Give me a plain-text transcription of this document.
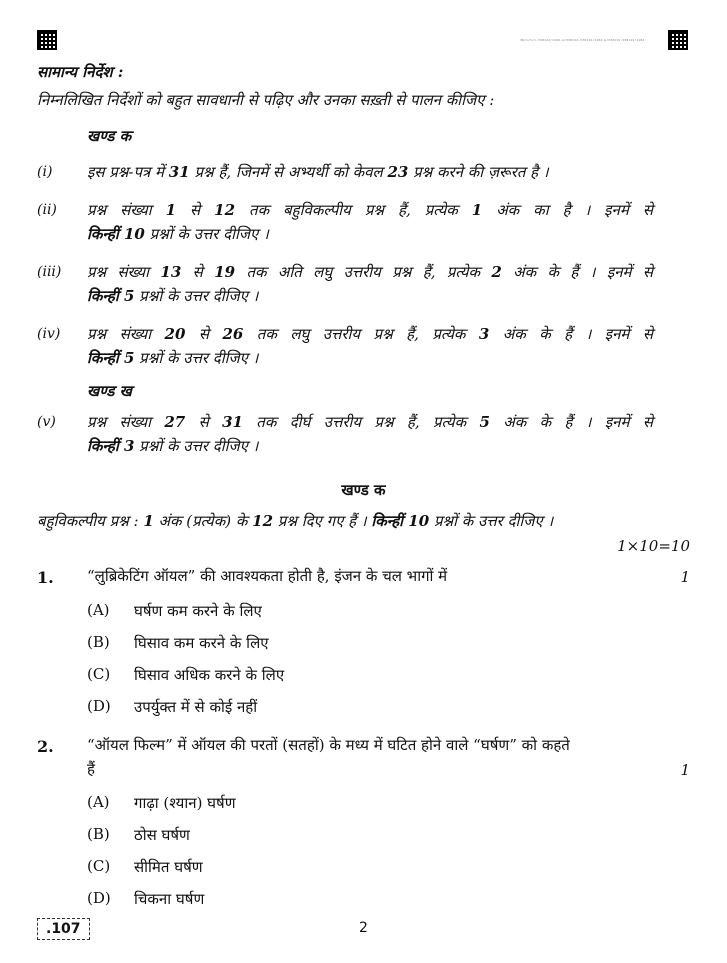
30/1/1/1-V30112/1104-A/V30112-V30112/1104-A/V30112-V30112/1104
सामान्य निर्देश :
निम्नलिखित निर्देशों को बहुत सावधानी से पढ़िए और उनका सख़्ती से पालन कीजिए :
खण्ड क
(i) इस प्रश्न-पत्र में 31 प्रश्न हैं, जिनमें से अभ्यर्थी को केवल 23 प्रश्न करने की ज़रूरत है ।
(ii) प्रश्न संख्या 1 से 12 तक बहुविकल्पीय प्रश्न हैं, प्रत्येक 1 अंक का है । इनमें से
किन्हीं 10 प्रश्नों के उत्तर दीजिए ।
(iii) प्रश्न संख्या 13 से 19 तक अति लघु उत्तरीय प्रश्न हैं, प्रत्येक 2 अंक के हैं । इनमें से
किन्हीं 5 प्रश्नों के उत्तर दीजिए ।
(iv) प्रश्न संख्या 20 से 26 तक लघु उत्तरीय प्रश्न हैं, प्रत्येक 3 अंक के हैं । इनमें से
किन्हीं 5 प्रश्नों के उत्तर दीजिए ।
खण्ड ख
(v) प्रश्न संख्या 27 से 31 तक दीर्घ उत्तरीय प्रश्न हैं, प्रत्येक 5 अंक के हैं । इनमें से
किन्हीं 3 प्रश्नों के उत्तर दीजिए ।
खण्ड क
बहुविकल्पीय प्रश्न : 1 अंक (प्रत्येक) के 12 प्रश्न दिए गए हैं । किन्हीं 10 प्रश्नों के उत्तर दीजिए ।
1×10=10
1. “लुब्रिकेटिंग ऑयल” की आवश्यकता होती है, इंजन के चल भागों में	1
(A) घर्षण कम करने के लिए
(B) घिसाव कम करने के लिए
(C) घिसाव अधिक करने के लिए
(D) उपर्युक्त में से कोई नहीं
2. “ऑयल फिल्म” में ऑयल की परतों (सतहों) के मध्य में घटित होने वाले “घर्षण” को कहते
हैं	1
(A) गाढ़ा (श्यान) घर्षण
(B) ठोस घर्षण
(C) सीमित घर्षण
(D) चिकना घर्षण
.107	2
